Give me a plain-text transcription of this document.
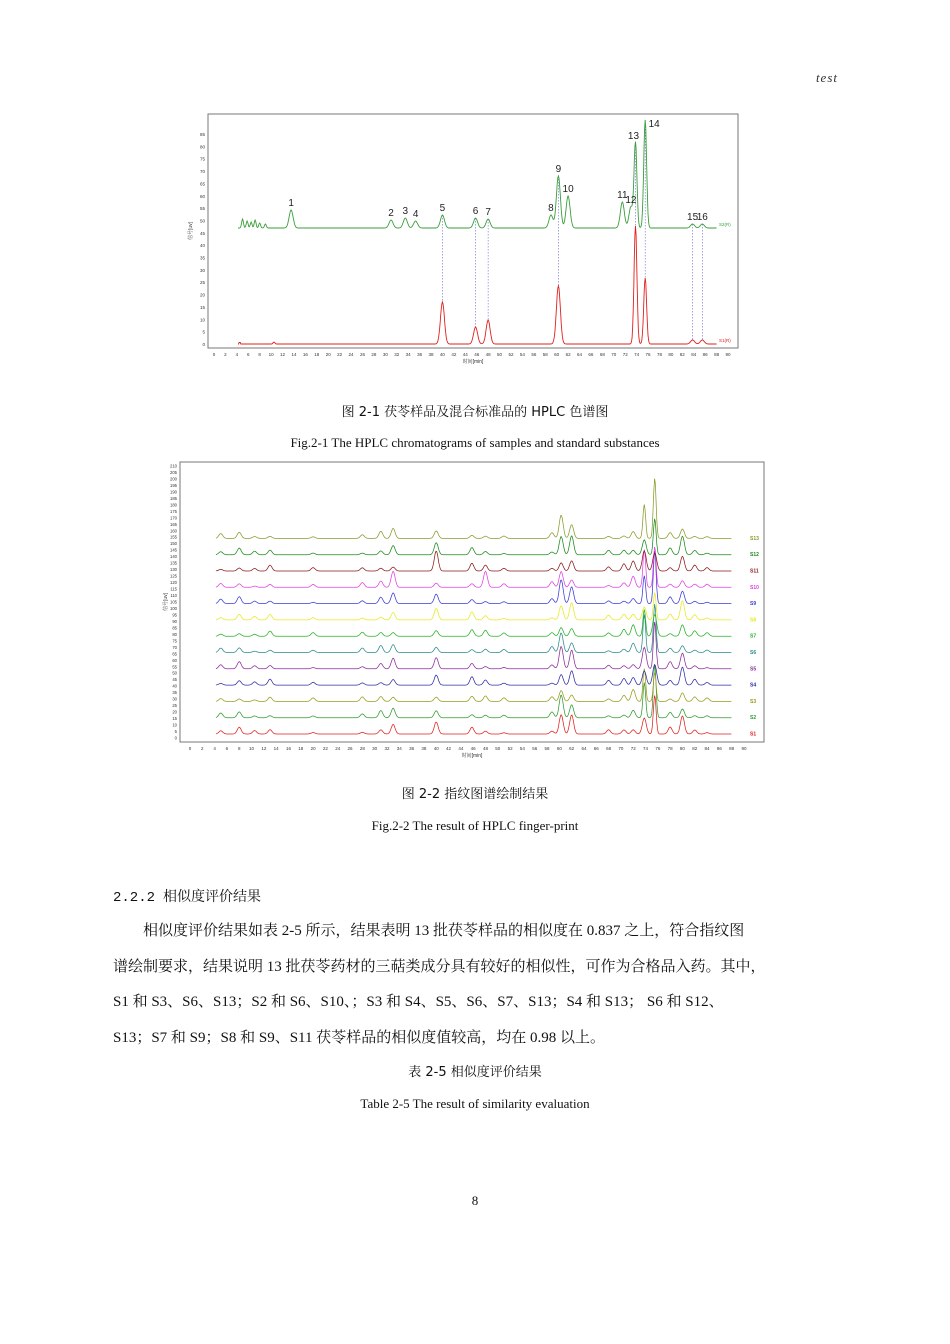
test
0
5
10
15
20
25
30
35
40
45
50
55
60
65
70
75
80
85
0 2 4 6 8 10 12 14 16 18 20 22 24 26 28 30 32 34 36 38 40 42 44 46 48 50 52 54 56 58 60 62 64 66 68 70 72 74 76 78 80 82 84 86 88 90
信号[uv]
时间[min]
1
2 3 4
5	6 7	8
9
10
11
12
13
14
15
16
S2(R)
S1(R)
图 2-1 茯苓样品及混合标准品的 HPLC 色谱图
Fig.2-1 The HPLC chromatograms of samples and standard substances
0
5
10
15
20
25
30
35
40
45
50
55
60
65
70
75
80
85
90
95
100
105
110
115
120
125
130
135
140
145
150
155
160
165
170
175
180
185
190
195
200
205
210
0 2 4 6 8 10 12 14 16 18 20 22 24 26 28 30 32 34 36 38 40 42 44 46 48 50 52 54 56 58 60 62 64 66 68 70 72 74 76 78 80 82 84 86 88 90
信号[uv]
时间[min]
S1
S2
S3
S4
S5
S6
S7
S8
S9
S10
S11
S12
S13
图 2-2 指纹图谱绘制结果
Fig.2-2 The result of HPLC finger-print
2.2.2 相似度评价结果

相似度评价结果如表 2-5 所示，结果表明 13 批茯苓样品的相似度在 0.837 之上，符合指纹图

谱绘制要求，结果说明 13 批茯苓药材的三萜类成分具有较好的相似性，可作为合格品入药。其中，
S1 和 S3、S6、S13；S2 和 S6、S10、；S3 和 S4、S5、S6、S7、S13；S4 和 S13； S6 和 S12、
S13；S7 和 S9；S8 和 S9、S11 茯苓样品的相似度值较高，均在 0.98 以上。
表 2-5 相似度评价结果
Table 2-5 The result of similarity evaluation
8
